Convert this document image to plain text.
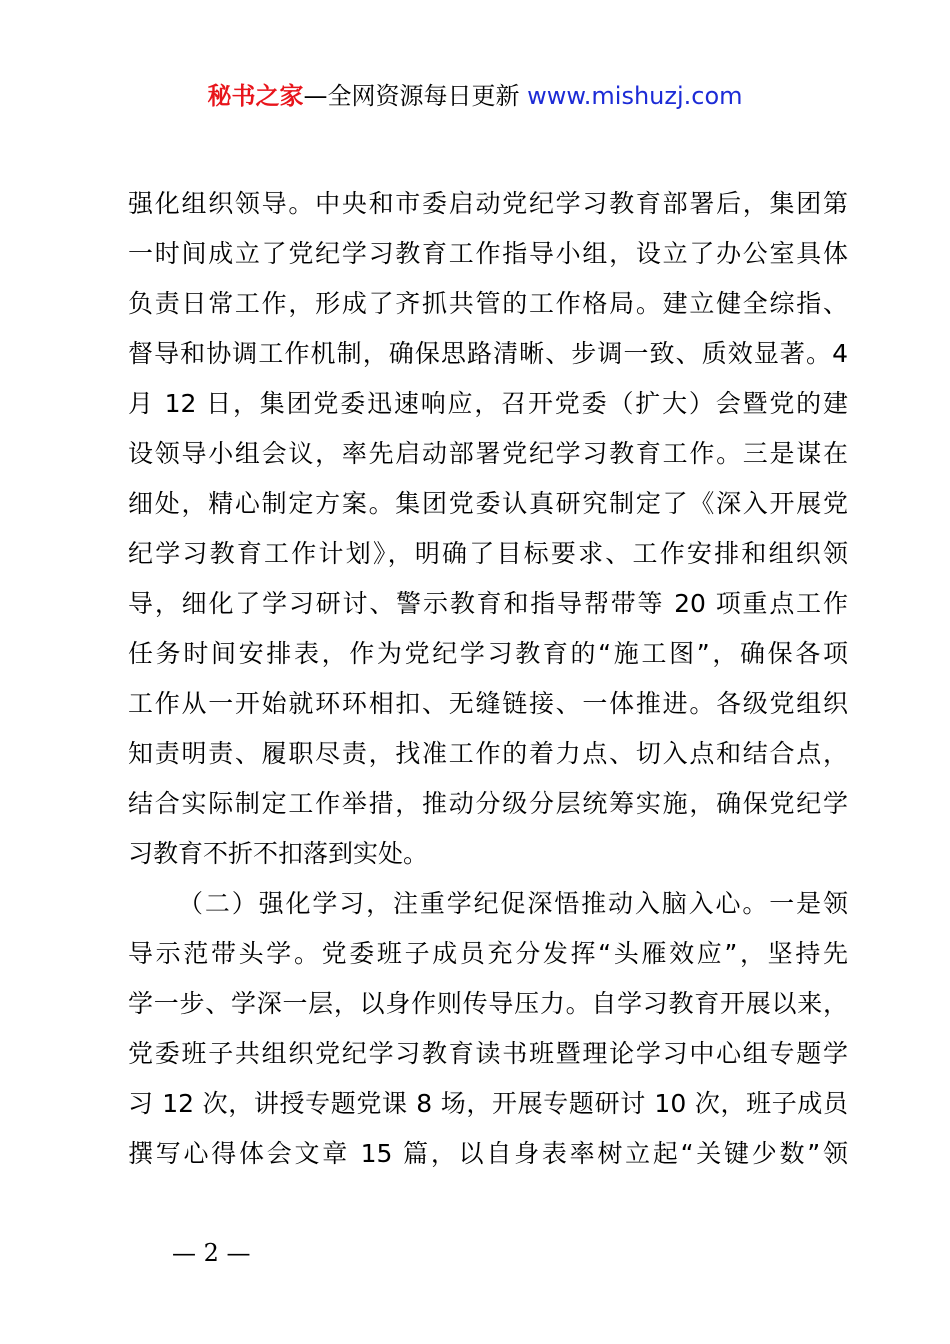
秘书之家—全网资源每日更新 www.mishuzj.com
强化组织领导。中央和市委启动党纪学习教育部署后，集团第
一时间成立了党纪学习教育工作指导小组，设立了办公室具体
负责日常工作，形成了齐抓共管的工作格局。建立健全综指、
督导和协调工作机制，确保思路清晰、步调一致、质效显著。4
月 12 日，集团党委迅速响应，召开党委（扩大）会暨党的建
设领导小组会议，率先启动部署党纪学习教育工作。三是谋在
细处，精心制定方案。集团党委认真研究制定了《深入开展党
纪学习教育工作计划》，明确了目标要求、工作安排和组织领
导，细化了学习研讨、警示教育和指导帮带等 20 项重点工作
任务时间安排表，作为党纪学习教育的“施工图”，确保各项
工作从一开始就环环相扣、无缝链接、一体推进。各级党组织
知责明责、履职尽责，找准工作的着力点、切入点和结合点，
结合实际制定工作举措，推动分级分层统筹实施，确保党纪学
习教育不折不扣落到实处。
（二）强化学习，注重学纪促深悟推动入脑入心。一是领
导示范带头学。党委班子成员充分发挥“头雁效应”，坚持先
学一步、学深一层，以身作则传导压力。自学习教育开展以来，
党委班子共组织党纪学习教育读书班暨理论学习中心组专题学
习 12 次，讲授专题党课 8 场，开展专题研讨 10 次，班子成员
撰写心得体会文章 15 篇，以自身表率树立起“关键少数”领
— 2 —
